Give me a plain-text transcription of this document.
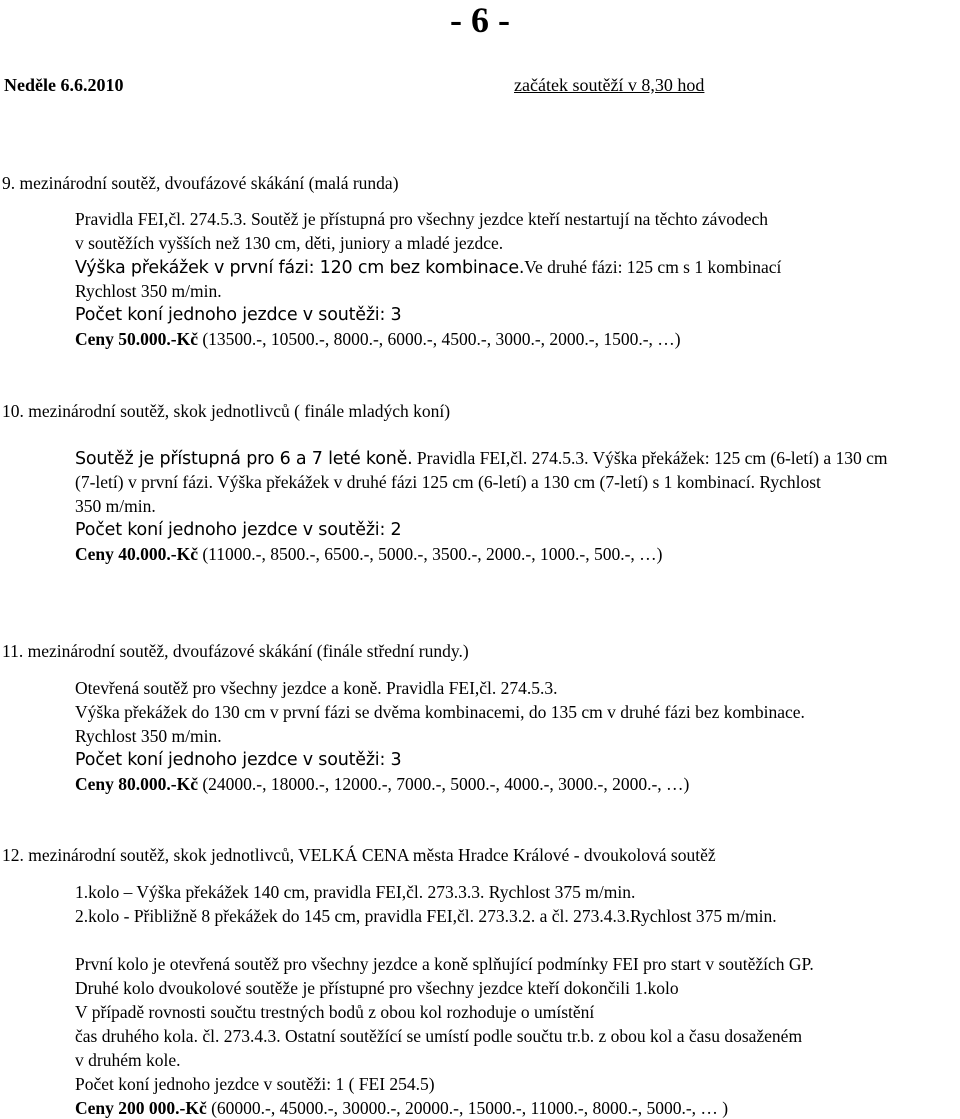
- 6 -
Neděle 6.6.2010	začátek soutěží v 8,30 hod
9. mezinárodní soutěž, dvoufázové skákání (malá runda)
Pravidla FEI,čl. 274.5.3. Soutěž je přístupná pro všechny jezdce kteří nestartují na těchto závodech
v soutěžích vyšších než 130 cm, děti, juniory a mladé jezdce.
Výška překážek v první fázi: 120 cm bez kombinace.Ve druhé fázi: 125 cm s 1 kombinací
Rychlost 350 m/min.
Počet koní jednoho jezdce v soutěži: 3
Ceny 50.000.-Kč (13500.-, 10500.-, 8000.-, 6000.-, 4500.-, 3000.-, 2000.-, 1500.-, …)
10. mezinárodní soutěž, skok jednotlivců ( finále mladých koní)
Soutěž je přístupná pro 6 a 7 leté koně. Pravidla FEI,čl. 274.5.3. Výška překážek: 125 cm (6-letí) a 130 cm
(7-letí) v první fázi. Výška překážek v druhé fázi 125 cm (6-letí) a 130 cm (7-letí) s 1 kombinací. Rychlost
350 m/min.
Počet koní jednoho jezdce v soutěži: 2
Ceny 40.000.-Kč (11000.-, 8500.-, 6500.-, 5000.-, 3500.-, 2000.-, 1000.-, 500.-, …)
11. mezinárodní soutěž, dvoufázové skákání (finále střední rundy.)
Otevřená soutěž pro všechny jezdce a koně. Pravidla FEI,čl. 274.5.3.
Výška překážek do 130 cm v první fázi se dvěma kombinacemi, do 135 cm v druhé fázi bez kombinace.
Rychlost 350 m/min.
Počet koní jednoho jezdce v soutěži: 3
Ceny 80.000.-Kč (24000.-, 18000.-, 12000.-, 7000.-, 5000.-, 4000.-, 3000.-, 2000.-, …)
12. mezinárodní soutěž, skok jednotlivců, VELKÁ CENA města Hradce Králové - dvoukolová soutěž
1.kolo – Výška překážek 140 cm, pravidla FEI,čl. 273.3.3. Rychlost 375 m/min.
2.kolo - Přibližně 8 překážek do 145 cm, pravidla FEI,čl. 273.3.2. a čl. 273.4.3.Rychlost 375 m/min.
První kolo je otevřená soutěž pro všechny jezdce a koně splňující podmínky FEI pro start v soutěžích GP.
Druhé kolo dvoukolové soutěže je přístupné pro všechny jezdce kteří dokončili 1.kolo
V případě rovnosti součtu trestných bodů z obou kol rozhoduje o umístění
čas druhého kola. čl. 273.4.3. Ostatní soutěžící se umístí podle součtu tr.b. z obou kol a času dosaženém
v druhém kole.
Počet koní jednoho jezdce v soutěži: 1 ( FEI 254.5)
Ceny 200 000.-Kč (60000.-, 45000.-, 30000.-, 20000.-, 15000.-, 11000.-, 8000.-, 5000.-, … )
